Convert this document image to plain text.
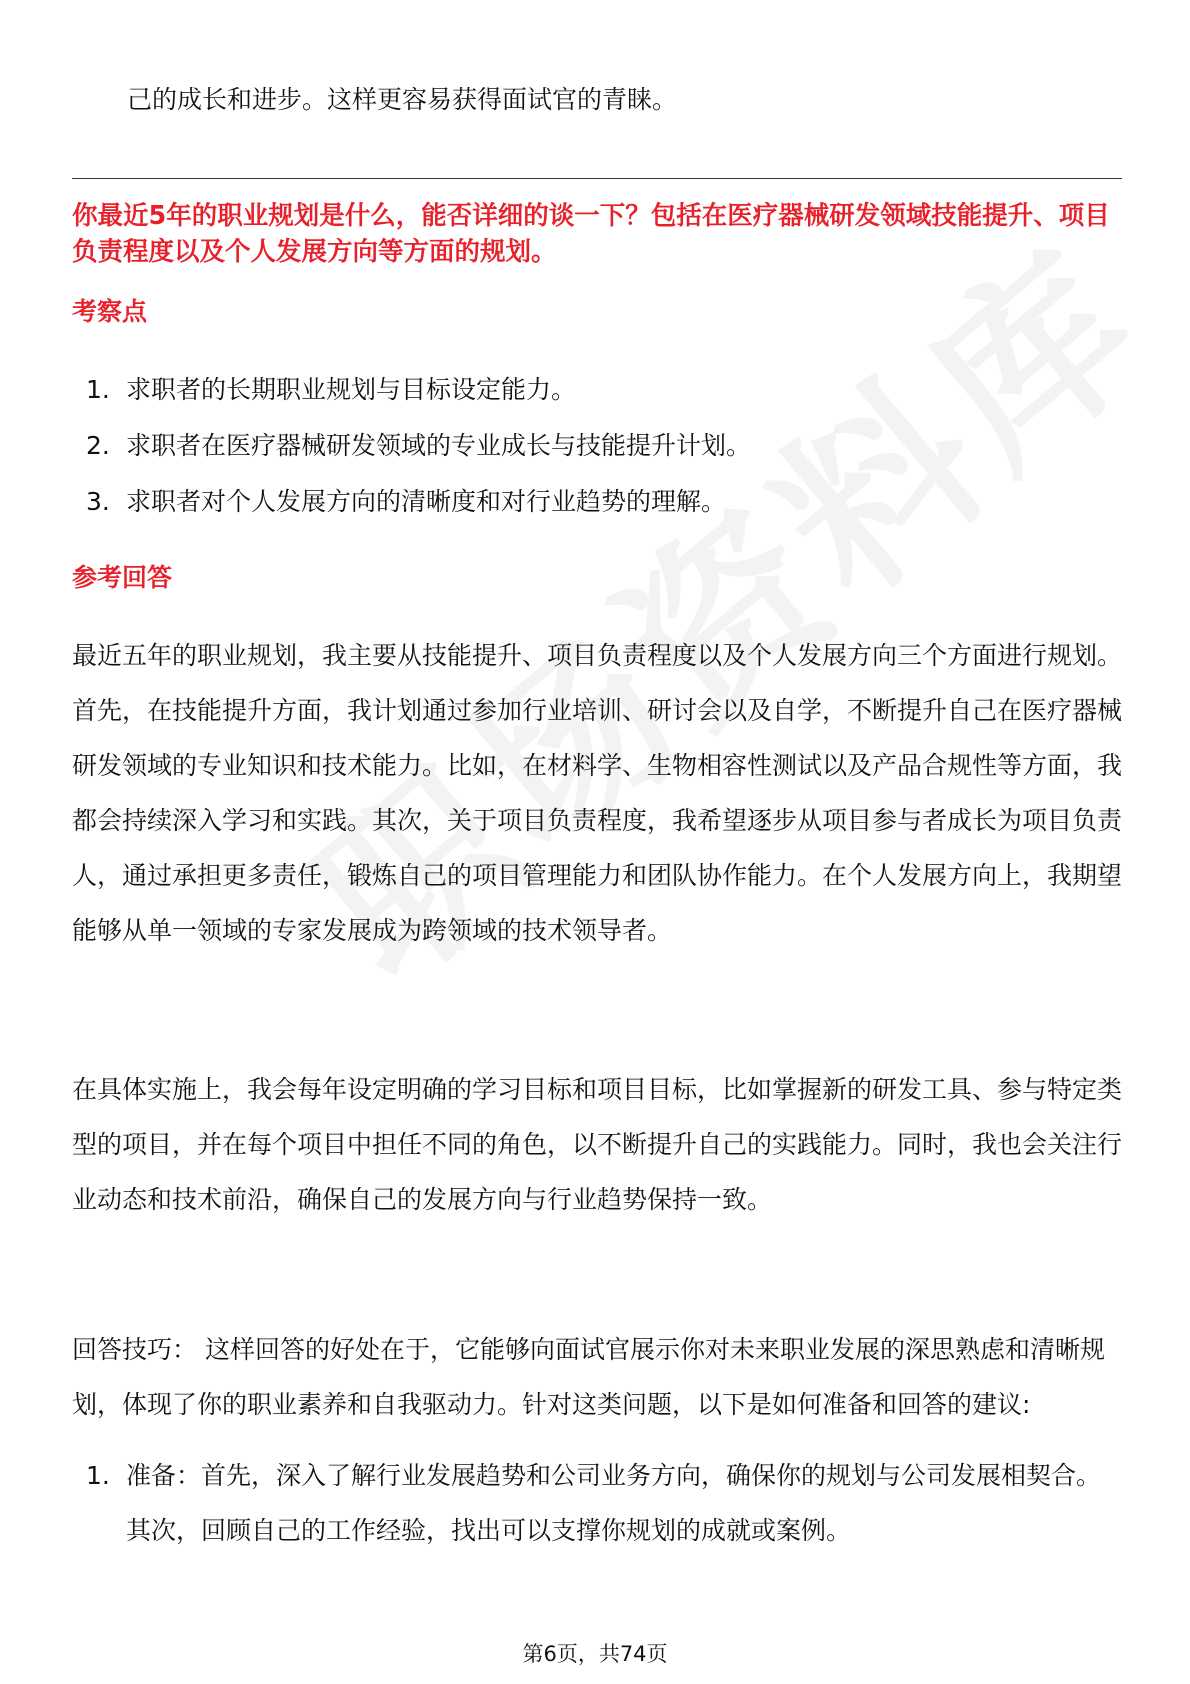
己的成长和进步。这样更容易获得面试官的青睐。

你最近5年的职业规划是什么，能否详细的谈一下？包括在医疗器械研发领域技能提升、项目负责程度以及个人发展方向等方面的规划。

考察点
1. 求职者的长期职业规划与目标设定能力。
2. 求职者在医疗器械研发领域的专业成长与技能提升计划。
3. 求职者对个人发展方向的清晰度和对行业趋势的理解。
参考回答

最近五年的职业规划，我主要从技能提升、项目负责程度以及个人发展方向三个方面进行规划。首先，在技能提升方面，我计划通过参加行业培训、研讨会以及自学，不断提升自己在医疗器械研发领域的专业知识和技术能力。比如，在材料学、生物相容性测试以及产品合规性等方面，我都会持续深入学习和实践。其次，关于项目负责程度，我希望逐步从项目参与者成长为项目负责人，通过承担更多责任，锻炼自己的项目管理能力和团队协作能力。在个人发展方向上，我期望能够从单一领域的专家发展成为跨领域的技术领导者。

在具体实施上，我会每年设定明确的学习目标和项目目标，比如掌握新的研发工具、参与特定类型的项目，并在每个项目中担任不同的角色，以不断提升自己的实践能力。同时，我也会关注行业动态和技术前沿，确保自己的发展方向与行业趋势保持一致。

回答技巧： 这样回答的好处在于，它能够向面试官展示你对未来职业发展的深思熟虑和清晰规划，体现了你的职业素养和自我驱动力。针对这类问题，以下是如何准备和回答的建议:

1. 准备：首先，深入了解行业发展趋势和公司业务方向，确保你的规划与公司发展相契合。其次，回顾自己的工作经验，找出可以支撑你规划的成就或案例。
第6页，共74页
